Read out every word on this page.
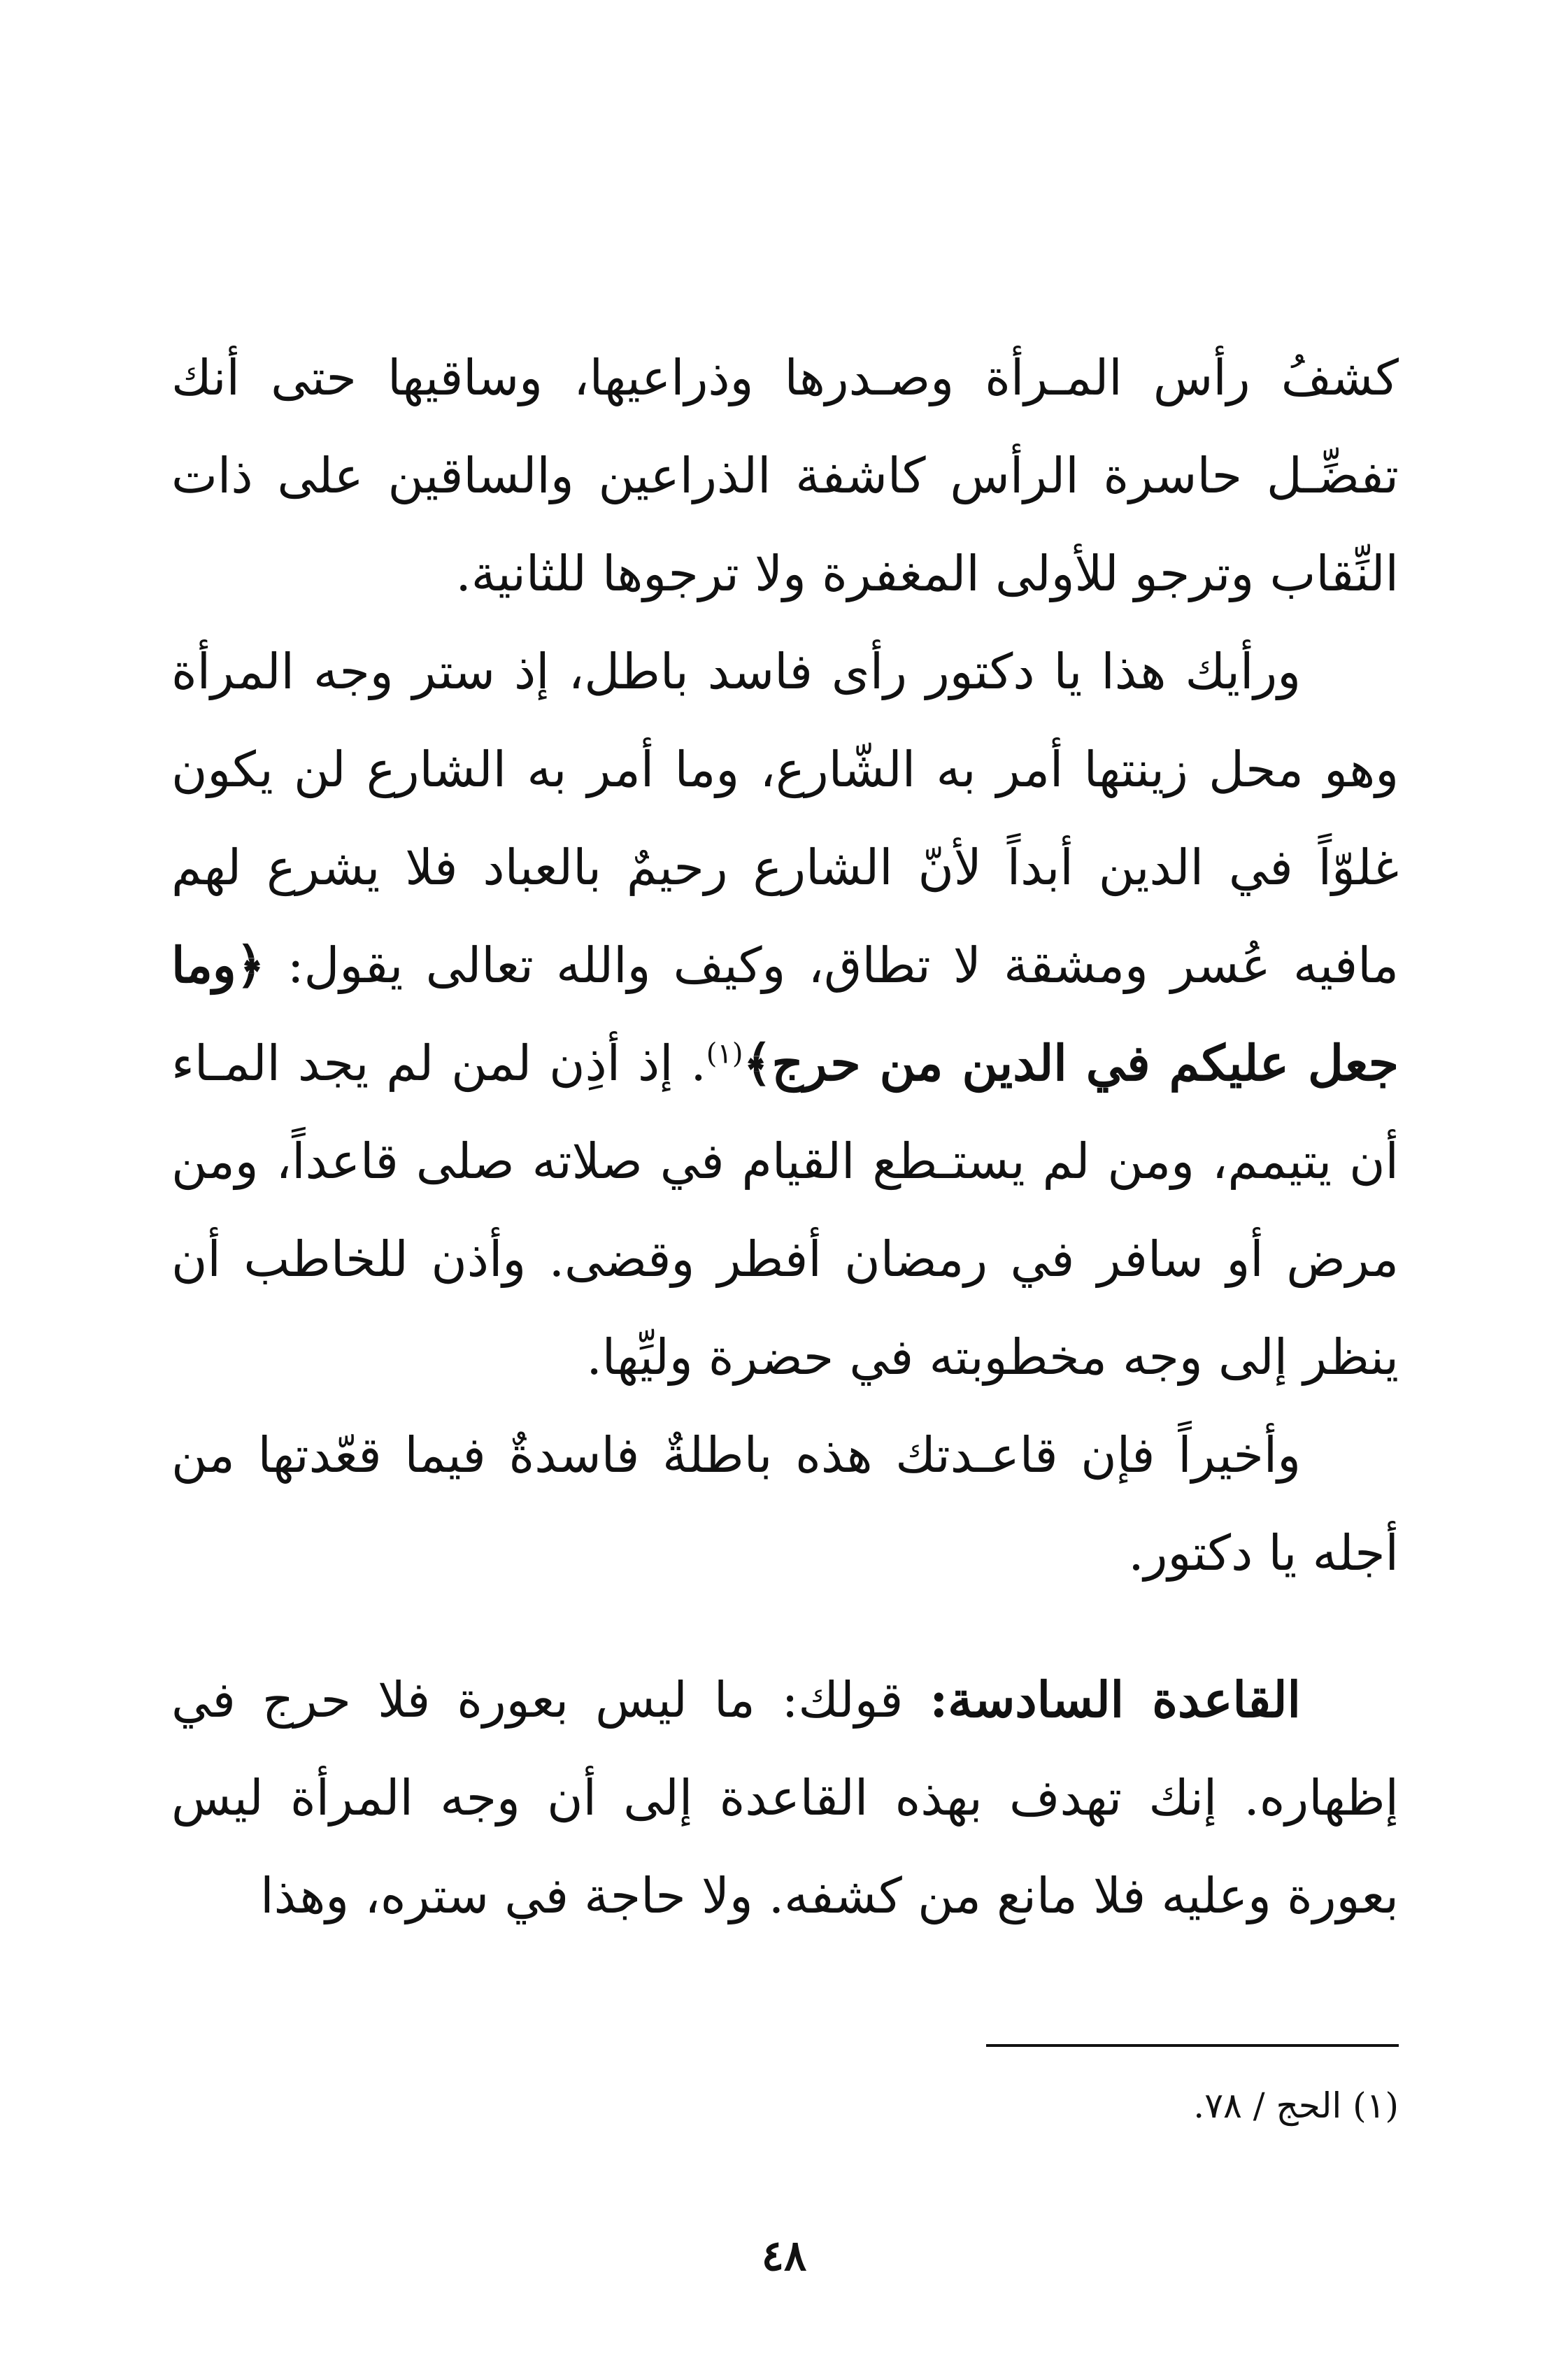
كشفُ رأس المـرأة وصـدرها وذراعيها، وساقيها حتى أنك تفضِّـل حاسرة الرأس كاشفة الذراعين والساقين على ذات النِّقاب وترجو للأولى المغفرة ولا ترجوها للثانية.

ورأيك هذا يا دكتور رأى فاسد باطل، إذ ستر وجه المرأة وهو محل زينتها أمر به الشّارع، وما أمر به الشارع لن يكون غلوّاً في الدين أبداً لأنّ الشارع رحيمٌ بالعباد فلا يشرع لهم مافيه عُسر ومشقة لا تطاق، وكيف والله تعالى يقول: ﴿وما جعل عليكم في الدين من حرج﴾$^{(١)}$. إذ أذِن لمن لم يجد المـاء أن يتيمم، ومن لم يستـطع القيام في صلاته صلى قاعداً، ومن مرض أو سافر في رمضان أفطر وقضى. وأذن للخاطب أن ينظر إلى وجه مخطوبته في حضرة وليِّها.

وأخيراً فإن قاعـدتك هذه باطلةٌ فاسدةٌ فيما قعّدتها من أجله يا دكتور.

القاعدة السادسة: قولك: ما ليس بعورة فلا حرج في إظهاره. إنك تهدف بهذه القاعدة إلى أن وجه المرأة ليس بعورة وعليه فلا مانع من كشفه. ولا حاجة في ستره، وهذا

(١) الحج / ٧٨.
٤٨
